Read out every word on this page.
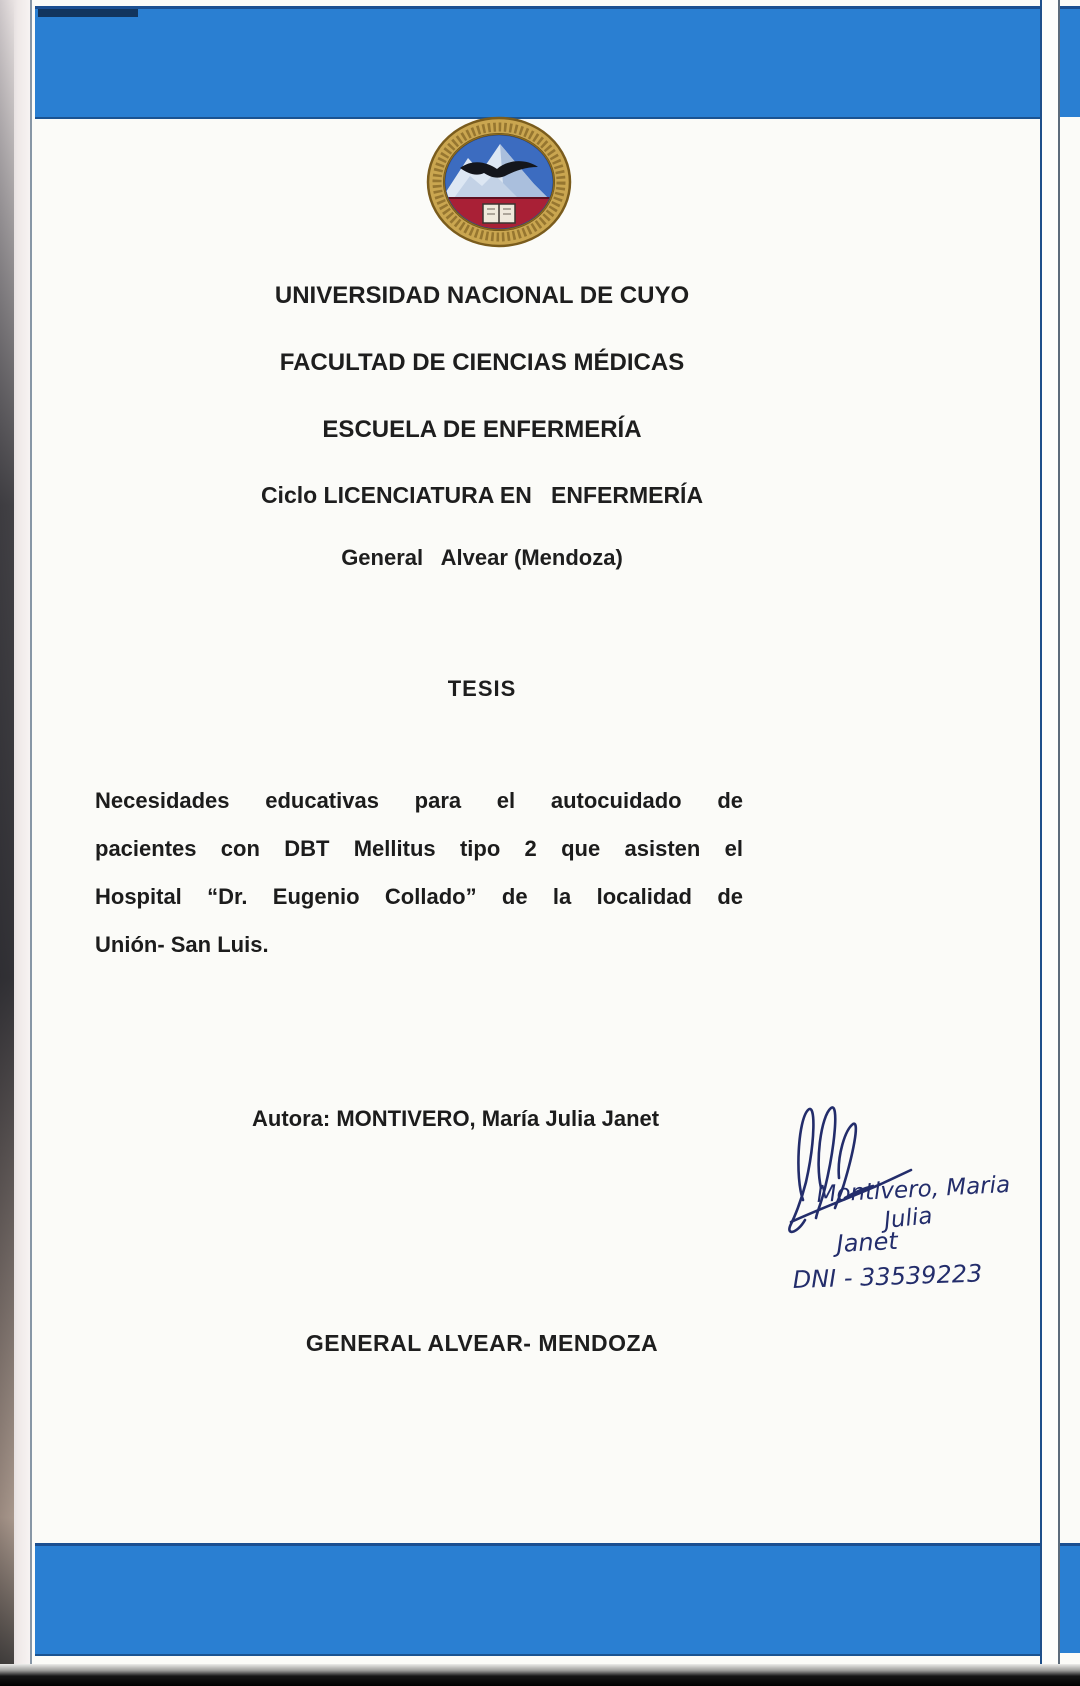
UNIVERSIDAD NACIONAL DE CUYO
FACULTAD DE CIENCIAS MÉDICAS
ESCUELA DE ENFERMERÍA
Ciclo LICENCIATURA EN   ENFERMERÍA
General   Alvear (Mendoza)
TESIS
Necesidades educativas para el autocuidado de
pacientes con DBT Mellitus tipo 2 que asisten el
Hospital “Dr. Eugenio Collado” de la localidad de
Unión- San Luis.
Autora: MONTIVERO, María Julia Janet
GENERAL ALVEAR- MENDOZA
Montivero, Maria
Julia
Janet
DNI - 33539223
